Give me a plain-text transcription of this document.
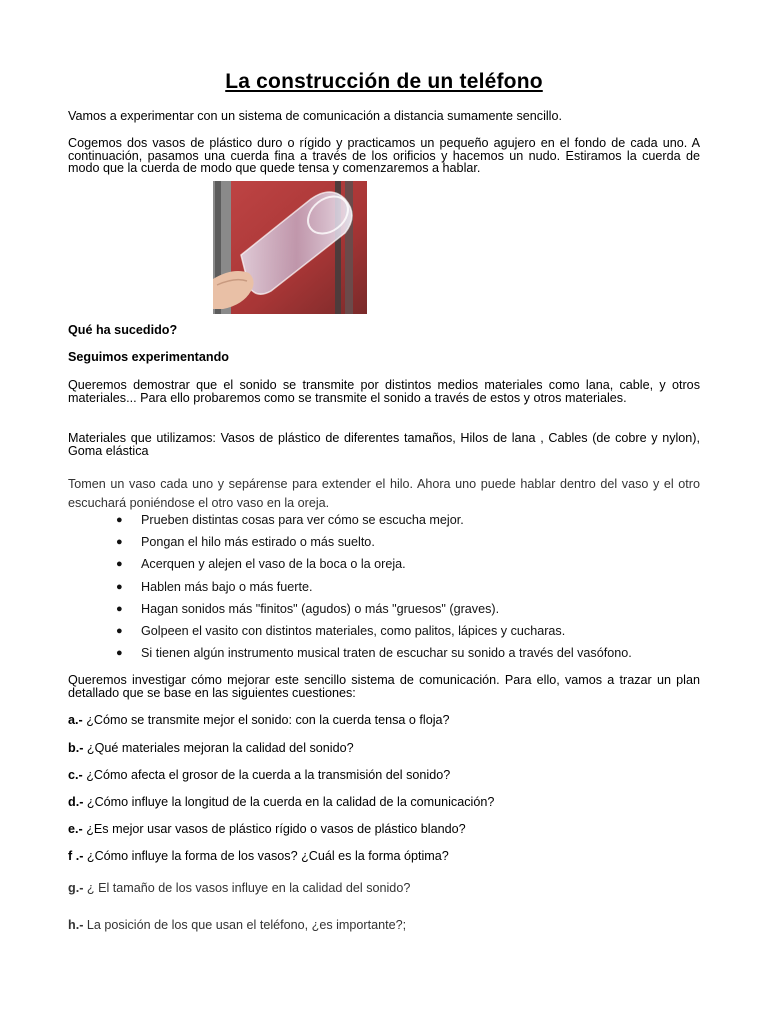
La construcción de un teléfono
Vamos a experimentar con un sistema de comunicación a distancia sumamente sencillo.
Cogemos dos vasos de plástico duro o rígido y practicamos un pequeño agujero en el fondo de cada uno. A continuación, pasamos una cuerda fina a través de los orificios y hacemos un nudo. Estiramos la cuerda de modo que la cuerda de modo que quede tensa y comenzaremos a hablar.
Qué ha sucedido?
Seguimos experimentando
Queremos demostrar que el sonido se transmite por distintos medios materiales como lana, cable, y otros materiales... Para ello probaremos como se transmite el sonido a través de estos y otros materiales.
Materiales que utilizamos: Vasos de plástico de diferentes tamaños, Hilos de lana , Cables (de cobre y nylon), Goma elástica
Tomen un vaso cada uno y sepárense para extender el hilo. Ahora uno puede hablar dentro del vaso y el otro escuchará poniéndose el otro vaso en la oreja.
● Prueben distintas cosas para ver cómo se escucha mejor.
● Pongan el hilo más estirado o más suelto.
● Acerquen y alejen el vaso de la boca o la oreja.
● Hablen más bajo o más fuerte.
● Hagan sonidos más "finitos" (agudos) o más "gruesos" (graves).
● Golpeen el vasito con distintos materiales, como palitos, lápices y cucharas.
● Si tienen algún instrumento musical traten de escuchar su sonido a través del vasófono.
Queremos investigar cómo mejorar este sencillo sistema de comunicación. Para ello, vamos a trazar un plan detallado que se base en las siguientes cuestiones:
a.- ¿Cómo se transmite mejor el sonido: con la cuerda tensa o floja?
b.- ¿Qué materiales mejoran la calidad del sonido?
c.- ¿Cómo afecta el grosor de la cuerda a la transmisión del sonido?
d.- ¿Cómo influye la longitud de la cuerda en la calidad de la comunicación?
e.- ¿Es mejor usar vasos de plástico rígido o vasos de plástico blando?
f .- ¿Cómo influye la forma de los vasos? ¿Cuál es la forma óptima?
g.- ¿ El tamaño de los vasos influye en la calidad del sonido?
h.- La posición de los que usan el teléfono, ¿es importante?;
